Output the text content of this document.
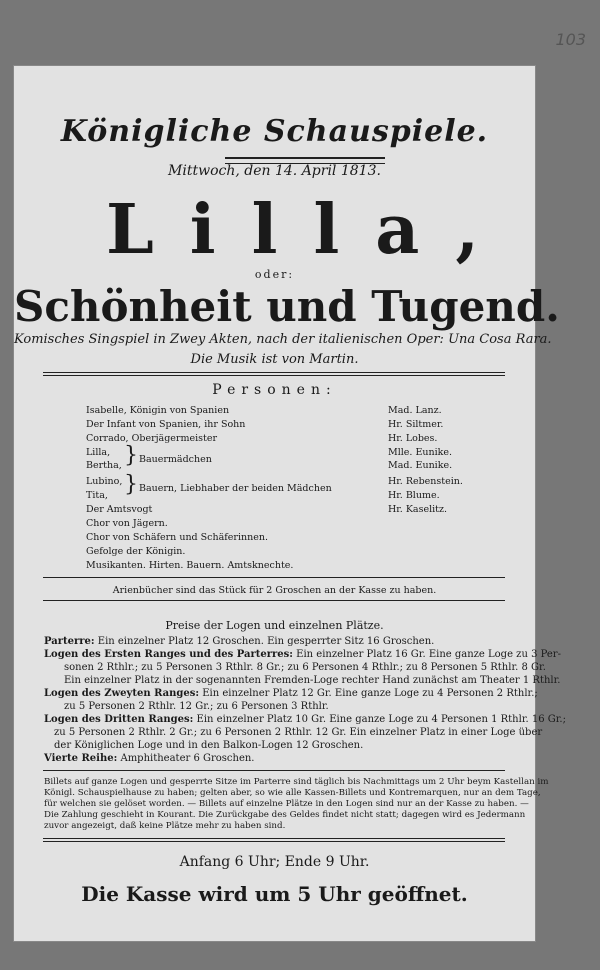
103
Königliche Schauspiele.
Mittwoch, den 14. April 1813.
Lilla,
oder:
Schönheit und Tugend.
Komisches Singspiel in Zwey Akten, nach der italienischen Oper: Una Cosa Rara.
Die Musik ist von Martin.
Personen:
Isabelle, Königin von Spanien	Mad. Lanz.
Der Infant von Spanien, ihr Sohn	Hr. Siltmer.
Corrado, Oberjägermeister	Hr. Lobes.
Lilla,	Mlle. Eunike.
Bertha,	Mad. Eunike.
} Bauermädchen
Lubino,	Hr. Rebenstein.
Tita,	Hr. Blume.
} Bauern, Liebhaber der beiden Mädchen
Der Amtsvogt	Hr. Kaselitz.
Chor von Jägern.
Chor von Schäfern und Schäferinnen.
Gefolge der Königin.
Musikanten. Hirten. Bauern. Amtsknechte.
Arienbücher sind das Stück für 2 Groschen an der Kasse zu haben.
Preise der Logen und einzelnen Plätze.
Parterre: Ein einzelner Platz 12 Groschen. Ein gesperrter Sitz 16 Groschen.
Logen des Ersten Ranges und des Parterres: Ein einzelner Platz 16 Gr. Eine ganze Loge zu 3 Per-
sonen 2 Rthlr.; zu 5 Personen 3 Rthlr. 8 Gr.; zu 6 Personen 4 Rthlr.; zu 8 Personen 5 Rthlr. 8 Gr.
Ein einzelner Platz in der sogenannten Fremden-Loge rechter Hand zunächst am Theater 1 Rthlr.
Logen des Zweyten Ranges: Ein einzelner Platz 12 Gr. Eine ganze Loge zu 4 Personen 2 Rthlr.;
zu 5 Personen 2 Rthlr. 12 Gr.; zu 6 Personen 3 Rthlr.
Logen des Dritten Ranges: Ein einzelner Platz 10 Gr. Eine ganze Loge zu 4 Personen 1 Rthlr. 16 Gr.;
zu 5 Personen 2 Rthlr. 2 Gr.; zu 6 Personen 2 Rthlr. 12 Gr. Ein einzelner Platz in einer Loge über
der Königlichen Loge und in den Balkon-Logen 12 Groschen.
Vierte Reihe: Amphitheater 6 Groschen.
Billets auf ganze Logen und gesperrte Sitze im Parterre sind täglich bis Nachmittags um 2 Uhr beym Kastellan im
Königl. Schauspielhause zu haben; gelten aber, so wie alle Kassen-Billets und Kontremarquen, nur an dem Tage,
für welchen sie gelöset worden. — Billets auf einzelne Plätze in den Logen sind nur an der Kasse zu haben. —
Die Zahlung geschieht in Kourant. Die Zurückgabe des Geldes findet nicht statt; dagegen wird es Jedermann
zuvor angezeigt, daß keine Plätze mehr zu haben sind.
Anfang 6 Uhr; Ende 9 Uhr.
Die Kasse wird um 5 Uhr geöffnet.
